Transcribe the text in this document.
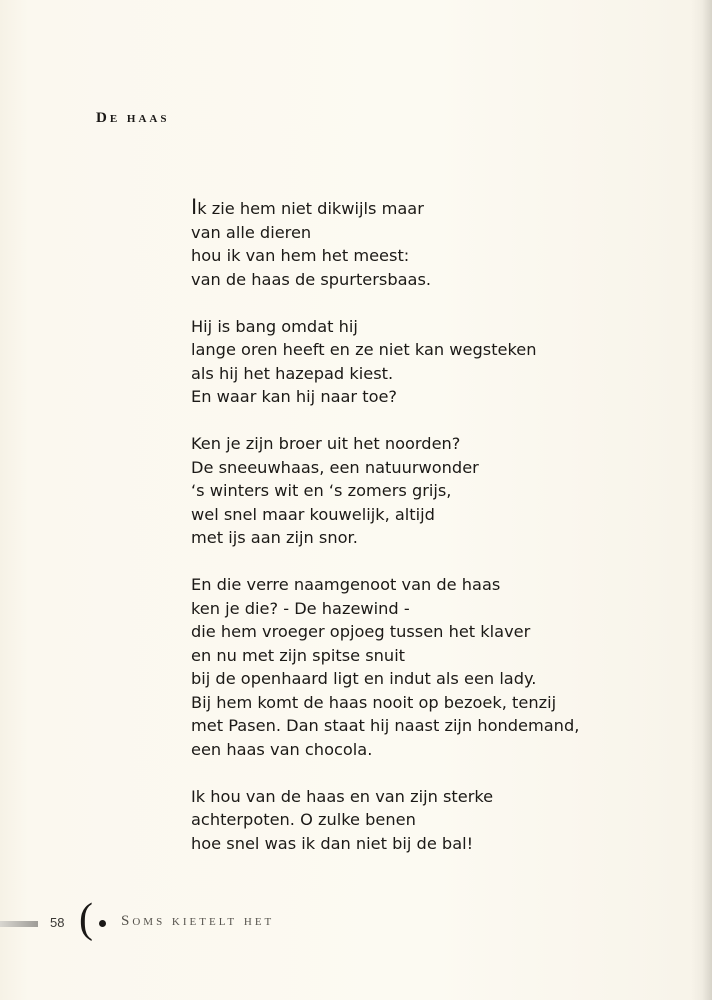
De haas
Ik zie hem niet dikwijls maar
van alle dieren
hou ik van hem het meest:
van de haas de spurtersbaas.
Hij is bang omdat hij
lange oren heeft en ze niet kan wegsteken
als hij het hazepad kiest.
En waar kan hij naar toe?
Ken je zijn broer uit het noorden?
De sneeuwhaas, een natuurwonder
‘s winters wit en ‘s zomers grijs,
wel snel maar kouwelijk, altijd
met ijs aan zijn snor.
En die verre naamgenoot van de haas
ken je die? - De hazewind -
die hem vroeger opjoeg tussen het klaver
en nu met zijn spitse snuit
bij de openhaard ligt en indut als een lady.
Bij hem komt de haas nooit op bezoek, tenzij
met Pasen. Dan staat hij naast zijn hondemand,
een haas van chocola.
Ik hou van de haas en van zijn sterke
achterpoten. O zulke benen
hoe snel was ik dan niet bij de bal!
58 ( Soms kietelt het
